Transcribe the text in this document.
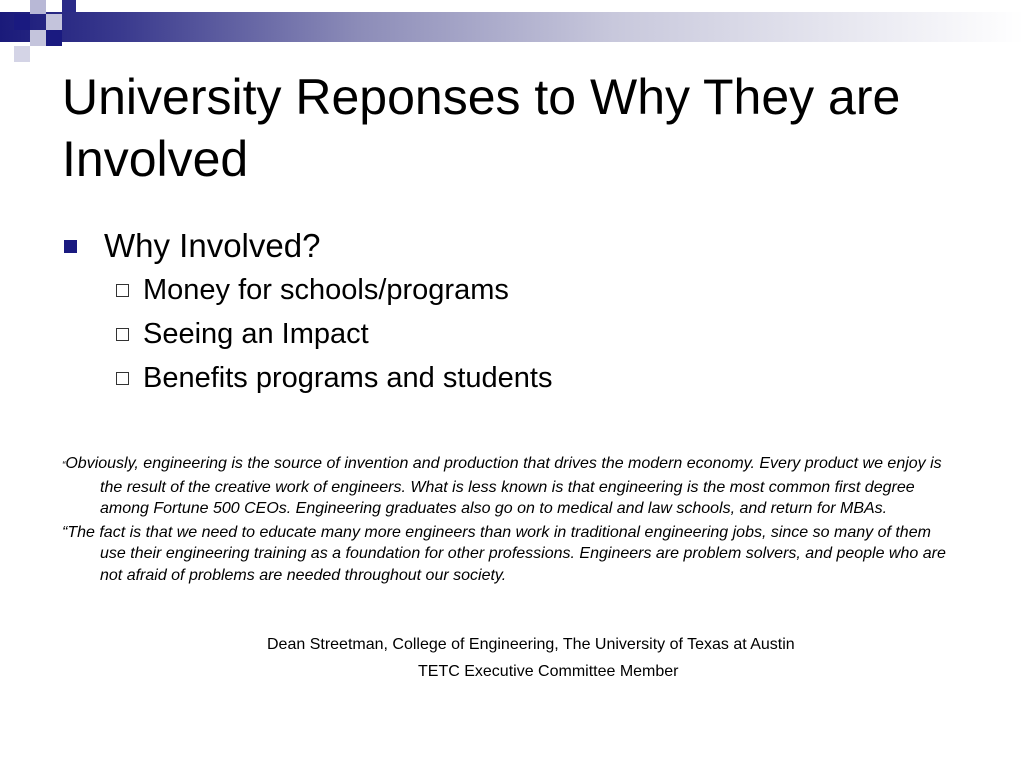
University Reponses to Why They are Involved
Why Involved?
Money for schools/programs
Seeing an Impact
Benefits programs and students

“Obviously, engineering is the source of invention and production that drives the modern economy. Every product we enjoy is the result of the creative work of engineers. What is less known is that engineering is the most common first degree among Fortune 500 CEOs. Engineering graduates also go on to medical and law schools, and return for MBAs.

“The fact is that we need to educate many more engineers than work in traditional engineering jobs, since so many of them use their engineering training as a foundation for other professions. Engineers are problem solvers, and people who are not afraid of problems are needed throughout our society.

Dean Streetman, College of Engineering, The University of Texas at Austin
TETC Executive Committee Member
